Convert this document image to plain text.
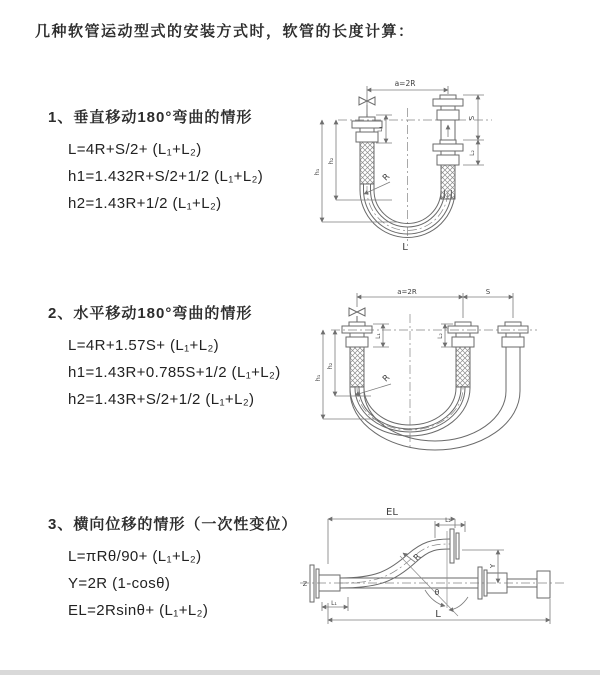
几种软管运动型式的安装方式时，软管的长度计算：
1、垂直移动180°弯曲的情形
L=4R+S/2+ (L₁+L₂)
h1=1.432R+S/2+1/2 (L₁+L₂)
h2=1.43R+1/2 (L₁+L₂)
2、水平移动180°弯曲的情形
L=4R+1.57S+ (L₁+L₂)
h1=1.43R+0.785S+1/2 (L₁+L₂)
h2=1.43R+S/2+1/2 (L₁+L₂)
3、横向位移的情形（一次性变位）
L=πRθ/90+ (L₁+L₂)
Y=2R (1-cosθ)
EL=2Rsinθ+ (L₁+L₂)
a=2R
S
L₂
L₁
h₁
h₂
R
L
a=2R	S
L₁	L₂
h₁
h₂
R
EL
L₂
Y
L
L₁
R
θ
Z
